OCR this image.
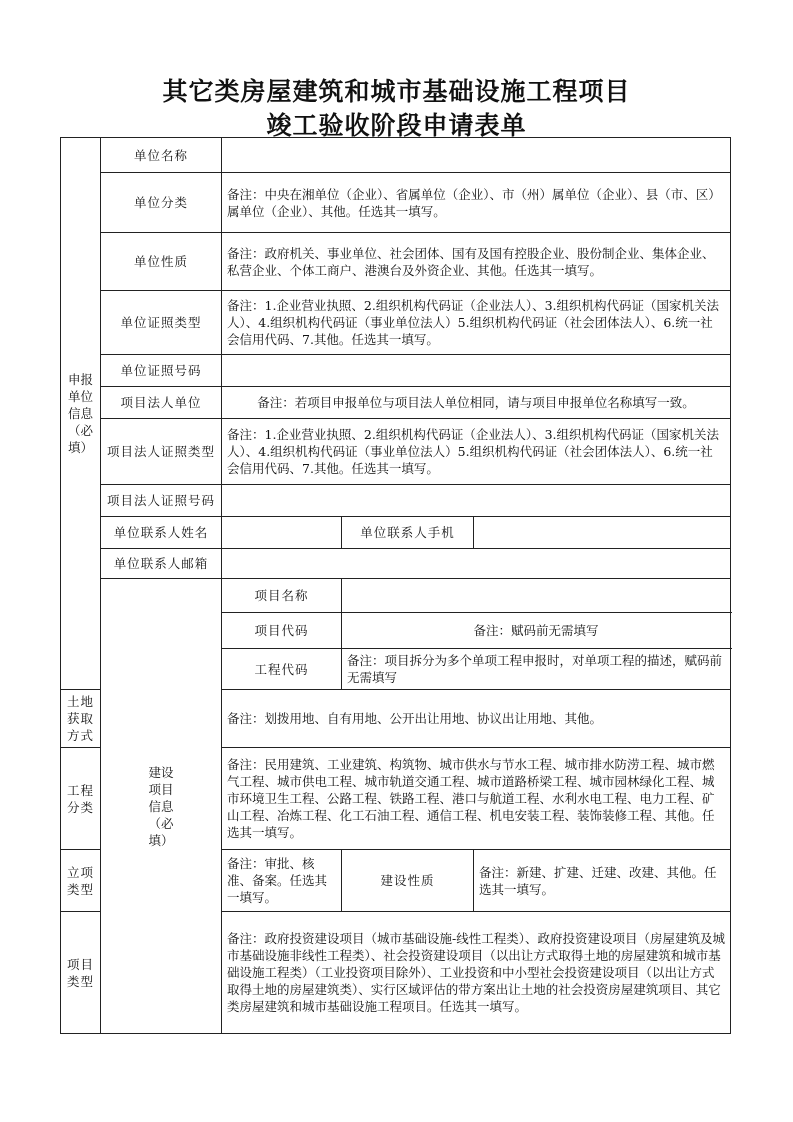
其它类房屋建筑和城市基础设施工程项目
竣工验收阶段申请表单
申报单位信息（必填）	单位名称			
	单位分类	备注：中央在湘单位（企业）、省属单位（企业）、市（州）属单位（企业）、县（市、区）属单位（企业）、其他。任选其一填写。		
	单位性质	备注：政府机关、事业单位、社会团体、国有及国有控股企业、股份制企业、集体企业、私营企业、个体工商户、港澳台及外资企业、其他。任选其一填写。		
	单位证照类型	备注：1.企业营业执照、2.组织机构代码证（企业法人）、3.组织机构代码证（国家机关法人）、4.组织机构代码证（事业单位法人）5.组织机构代码证（社会团体法人）、6.统一社会信用代码、7.其他。任选其一填写。		
	单位证照号码			
	项目法人单位	备注：若项目申报单位与项目法人单位相同，请与项目申报单位名称填写一致。		
	项目法人证照类型	备注：1.企业营业执照、2.组织机构代码证（企业法人）、3.组织机构代码证（国家机关法人）、4.组织机构代码证（事业单位法人）5.组织机构代码证（社会团体法人）、6.统一社会信用代码、7.其他。任选其一填写。		
	项目法人证照号码			
	单位联系人姓名		单位联系人手机	
	单位联系人邮箱			

	建设项目信息（必填）	项目名称		
		项目代码	备注：赋码前无需填写	
		工程代码	备注：项目拆分为多个单项工程申报时，对单项工程的描述，赋码前无需填写	
土地获取方式		备注：划拨用地、自有用地、公开出让用地、协议出让用地、其他。		
工程分类		备注：民用建筑、工业建筑、构筑物、城市供水与节水工程、城市排水防涝工程、城市燃气工程、城市供电工程、城市轨道交通工程、城市道路桥梁工程、城市园林绿化工程、城市环境卫生工程、公路工程、铁路工程、港口与航道工程、水利水电工程、电力工程、矿山工程、冶炼工程、化工石油工程、通信工程、机电安装工程、装饰装修工程、其他。任选其一填写。		
立项类型		备注：审批、核准、备案。任选其一填写。	建设性质	备注：新建、扩建、迁建、改建、其他。任选其一填写。
项目类型		备注：政府投资建设项目（城市基础设施-线性工程类）、政府投资建设项目（房屋建筑及城市基础设施非线性工程类）、社会投资建设项目（以出让方式取得土地的房屋建筑和城市基础设施工程类）（工业投资项目除外）、工业投资和中小型社会投资建设项目（以出让方式取得土地的房屋建筑类）、实行区域评估的带方案出让土地的社会投资房屋建筑项目、其它类房屋建筑和城市基础设施工程项目。任选其一填写。		
